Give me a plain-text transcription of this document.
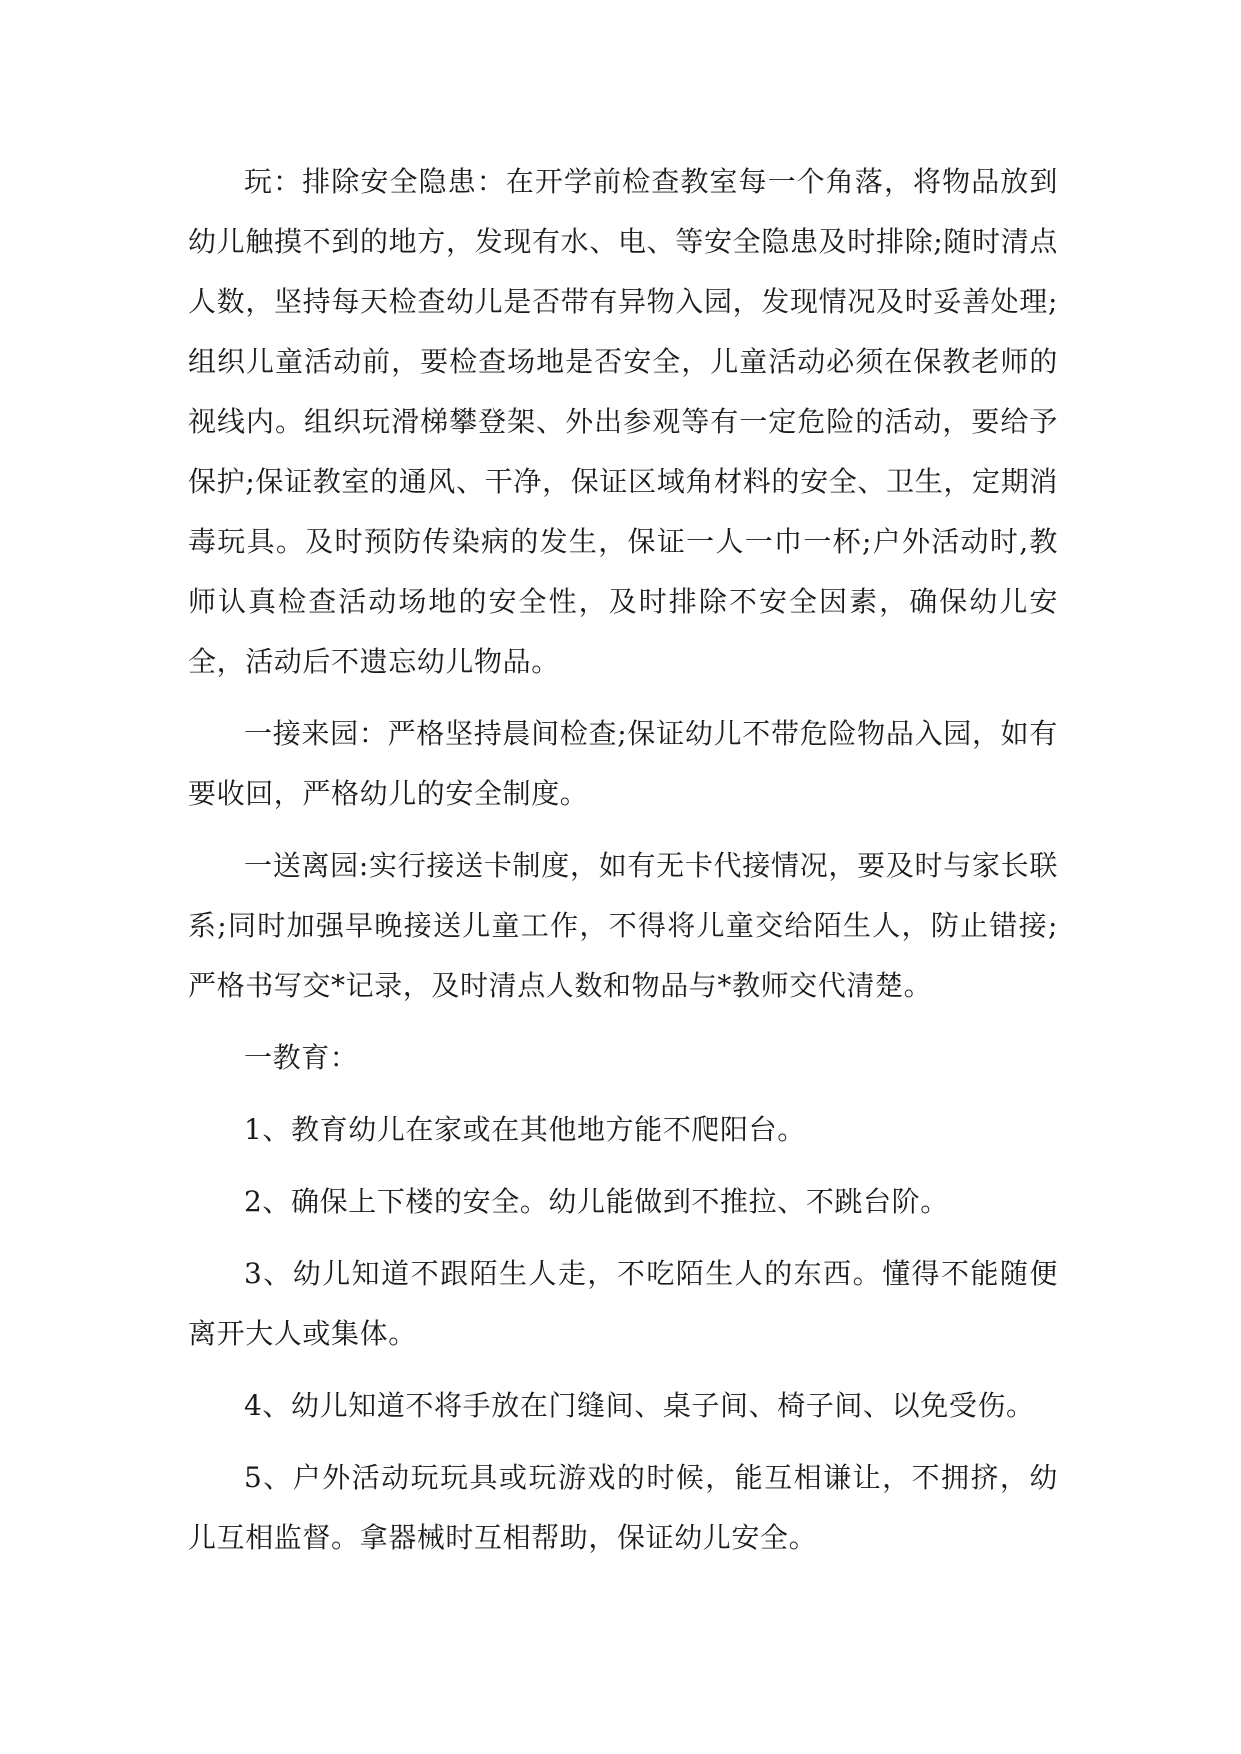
玩：排除安全隐患：在开学前检查教室每一个角落，将物品放到幼儿触摸不到的地方，发现有水、电、等安全隐患及时排除;随时清点人数，坚持每天检查幼儿是否带有异物入园，发现情况及时妥善处理;组织儿童活动前，要检查场地是否安全，儿童活动必须在保教老师的视线内。组织玩滑梯攀登架、外出参观等有一定危险的活动，要给予保护;保证教室的通风、干净，保证区域角材料的安全、卫生，定期消毒玩具。及时预防传染病的发生，保证一人一巾一杯;户外活动时,教师认真检查活动场地的安全性，及时排除不安全因素，确保幼儿安全，活动后不遗忘幼儿物品。

一接来园：严格坚持晨间检查;保证幼儿不带危险物品入园，如有要收回，严格幼儿的安全制度。

一送离园:实行接送卡制度，如有无卡代接情况，要及时与家长联系;同时加强早晚接送儿童工作，不得将儿童交给陌生人，防止错接;严格书写交*记录，及时清点人数和物品与*教师交代清楚。

一教育：

1、教育幼儿在家或在其他地方能不爬阳台。

2、确保上下楼的安全。幼儿能做到不推拉、不跳台阶。

3、幼儿知道不跟陌生人走，不吃陌生人的东西。懂得不能随便离开大人或集体。

4、幼儿知道不将手放在门缝间、桌子间、椅子间、以免受伤。

5、户外活动玩玩具或玩游戏的时候，能互相谦让，不拥挤，幼儿互相监督。拿器械时互相帮助，保证幼儿安全。
